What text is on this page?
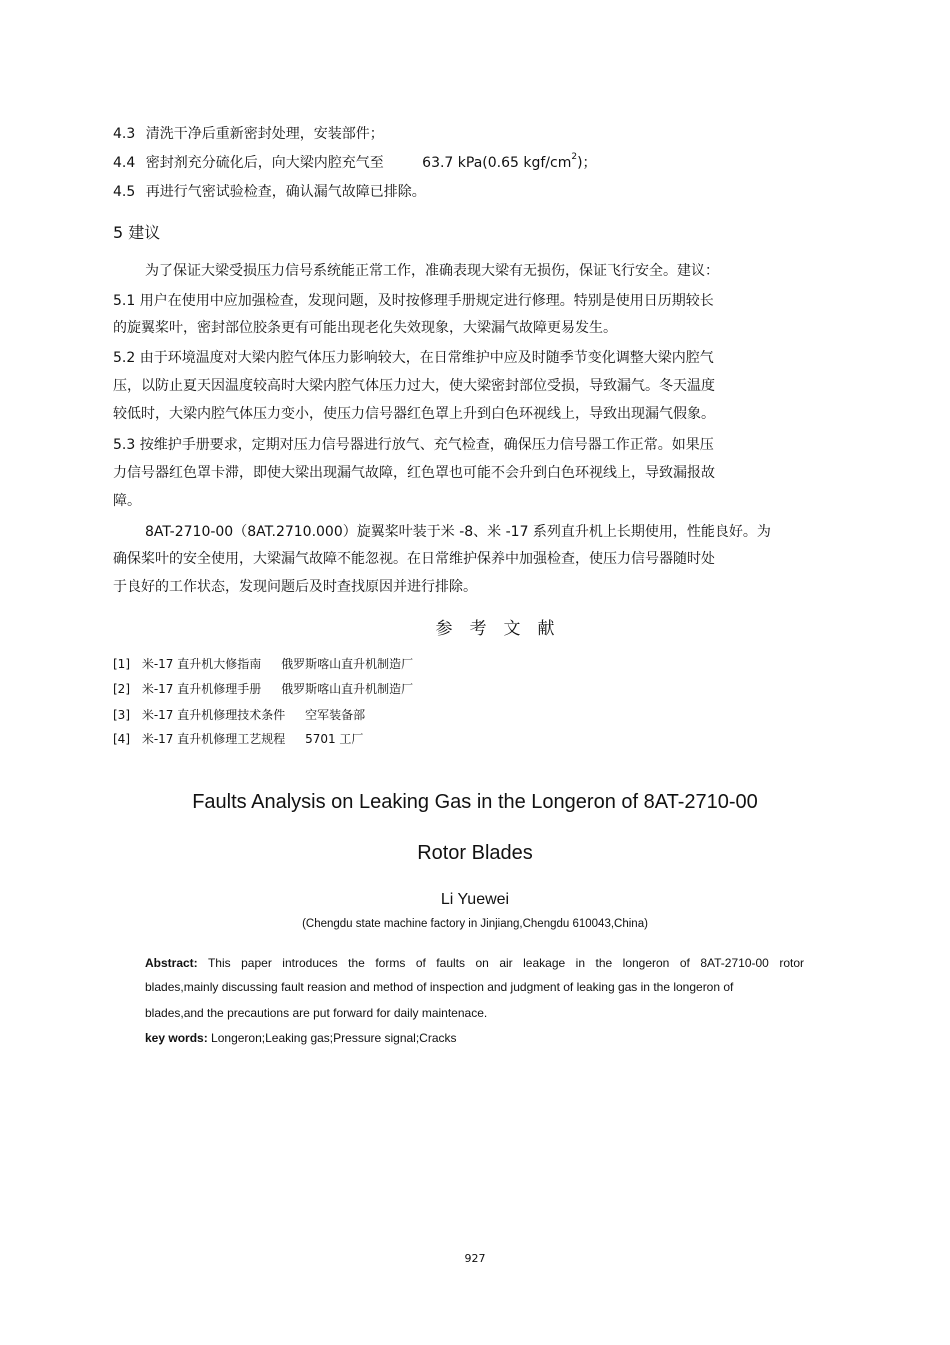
4.3 清洗干净后重新密封处理，安装部件；
4.4 密封剂充分硫化后，向大梁内腔充气至	63.7 kPa(0.65 kgf/$cm^2$)；
4.5 再进行气密试验检查，确认漏气故障已排除。
5 建议
为了保证大梁受损压力信号系统能正常工作，准确表现大梁有无损伤，保证飞行安全。建议：
5.1 用户在使用中应加强检查，发现问题，及时按修理手册规定进行修理。特别是使用日历期较长
的旋翼桨叶，密封部位胶条更有可能出现老化失效现象，大梁漏气故障更易发生。
5.2 由于环境温度对大梁内腔气体压力影响较大，在日常维护中应及时随季节变化调整大梁内腔气
压，以防止夏天因温度较高时大梁内腔气体压力过大，使大梁密封部位受损，导致漏气。冬天温度
较低时，大梁内腔气体压力变小，使压力信号器红色罩上升到白色环视线上，导致出现漏气假象。
5.3 按维护手册要求，定期对压力信号器进行放气、充气检查，确保压力信号器工作正常。如果压
力信号器红色罩卡滞，即使大梁出现漏气故障，红色罩也可能不会升到白色环视线上，导致漏报故
障。
8AT-2710-00（8AT.2710.000）旋翼桨叶装于米 -8、米 -17 系列直升机上长期使用，性能良好。为
确保桨叶的安全使用，大梁漏气故障不能忽视。在日常维护保养中加强检查，使压力信号器随时处
于良好的工作状态，发现问题后及时查找原因并进行排除。
参　考　文　献
[1] 米-17 直升机大修指南 俄罗斯喀山直升机制造厂
[2] 米-17 直升机修理手册 俄罗斯喀山直升机制造厂
[3] 米-17 直升机修理技术条件 空军装备部
[4] 米-17 直升机修理工艺规程 5701 工厂
Faults Analysis on Leaking Gas in the Longeron of 8AT-2710-00
Rotor Blades
Li Yuewei
(Chengdu state machine factory in Jinjiang,Chengdu 610043,China)
Abstract: This paper introduces the forms of faults on air leakage in the longeron of 8AT-2710-00 rotor
blades,mainly discussing fault reasion and method of inspection and judgment of leaking gas in the longeron of
blades,and the precautions are put forward for daily maintenace.
key words: Longeron;Leaking gas;Pressure signal;Cracks
927
